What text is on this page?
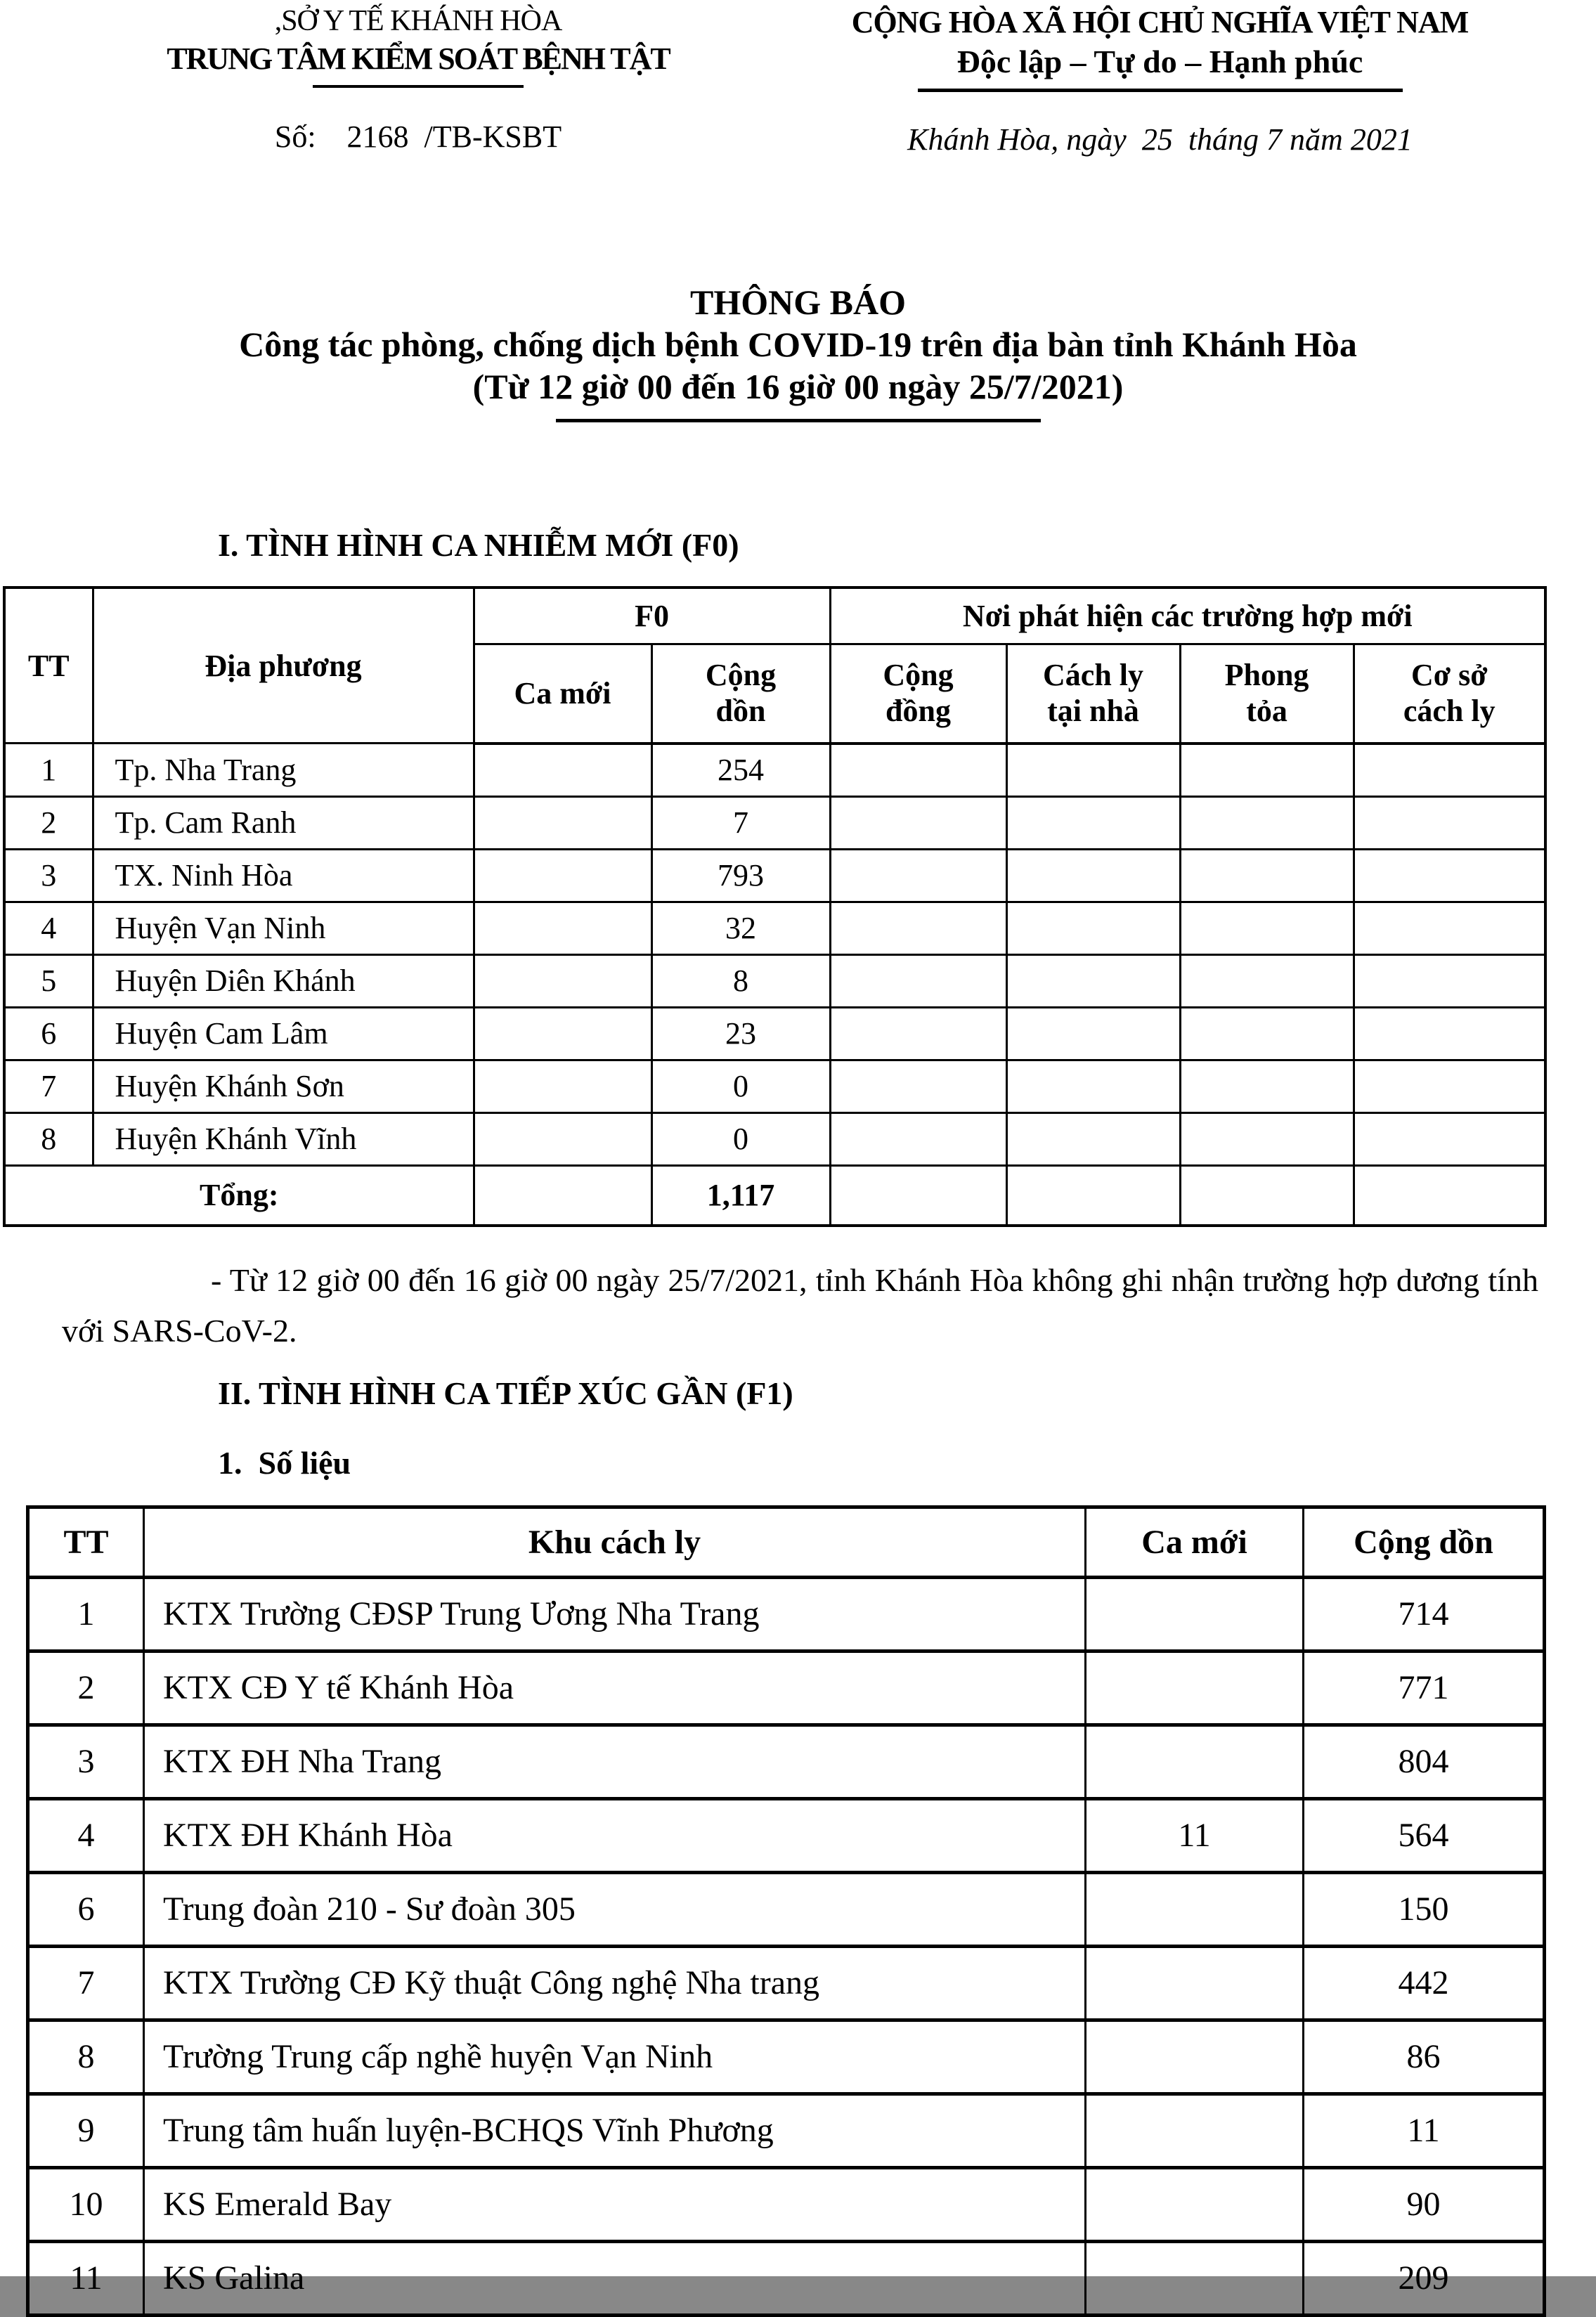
,SỞ Y TẾ KHÁNH HÒA
TRUNG TÂM KIỂM SOÁT BỆNH TẬT
Số:    2168  /TB-KSBT
CỘNG HÒA XÃ HỘI CHỦ NGHĨA VIỆT NAM
Độc lập – Tự do – Hạnh phúc
Khánh Hòa, ngày  25  tháng 7 năm 2021
THÔNG BÁO
Công tác phòng, chống dịch bệnh COVID-19 trên địa bàn tỉnh Khánh Hòa
(Từ 12 giờ 00 đến 16 giờ 00 ngày 25/7/2021)
I. TÌNH HÌNH CA NHIỄM MỚI (F0)
TT	Địa phương	F0		Nơi phát hiện các trường hợp mới			
		Ca mới	Cộng dồn	Cộng đồng	Cách ly tại nhà	Phong tỏa	Cơ sở cách ly
1	Tp. Nha Trang		254				
2	Tp. Cam Ranh		7				
3	TX. Ninh Hòa		793				
4	Huyện Vạn Ninh		32				
5	Huyện Diên Khánh		8				
6	Huyện Cam Lâm		23				
7	Huyện Khánh Sơn		0				
8	Huyện Khánh Vĩnh		0				
Tổng:			1,117				
- Từ 12 giờ 00 đến 16 giờ 00 ngày 25/7/2021, tỉnh Khánh Hòa không ghi nhận trường hợp dương tính với SARS-CoV-2.
II. TÌNH HÌNH CA TIẾP XÚC GẦN (F1)
1.  Số liệu
TT	Khu cách ly	Ca mới	Cộng dồn
1	KTX Trường CĐSP Trung Ương Nha Trang		714
2	KTX CĐ Y tế Khánh Hòa		771
3	KTX ĐH Nha Trang		804
4	KTX ĐH Khánh Hòa	11	564
6	Trung đoàn 210 - Sư đoàn 305		150
7	KTX Trường CĐ Kỹ thuật Công nghệ Nha trang		442
8	Trường Trung cấp nghề huyện Vạn Ninh		86
9	Trung tâm huấn luyện-BCHQS Vĩnh Phương		11
10	KS Emerald Bay		90
11	KS Galina		209
